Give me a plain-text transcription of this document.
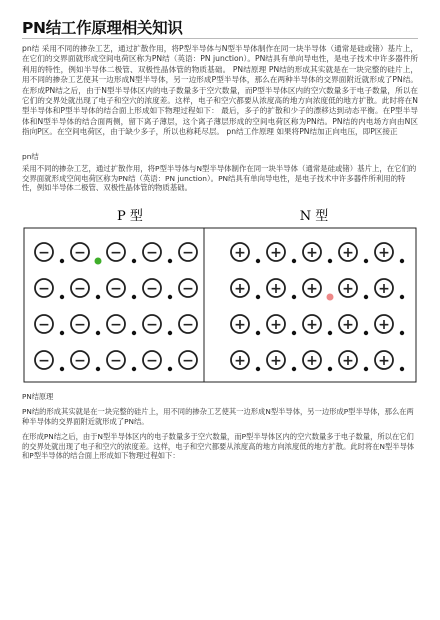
PN结工作原理相关知识
pn结 采用不同的掺杂工艺，通过扩散作用，将P型半导体与N型半导体制作在同一块半导体（通常是硅或锗）基片上，在它们的交界面就形成空间电荷区称为PN结（英语：PN junction）。PN结具有单向导电性，是电子技术中许多器件所利用的特性，例如半导体二极管、双极性晶体管的物质基础。 PN结原理 PN结的形成其实就是在一块完整的硅片上，用不同的掺杂工艺使其一边形成N型半导体，另一边形成P型半导体，那么在两种半导体的交界面附近就形成了PN结。 在形成PN结之后，由于N型半导体区内的电子数量多于空穴数量，而P型半导体区内的空穴数量多于电子数量，所以在它们的交界处就出现了电子和空穴的浓度差。这样，电子和空穴都要从浓度高的地方向浓度低的地方扩散。此时将在N型半导体和P型半导体的结合面上形成如下物理过程如下： 最后，多子的扩散和少子的漂移达到动态平衡。在P型半导体和N型半导体的结合面两侧，留下离子薄层，这个离子薄层形成的空间电荷区称为PN结。PN结的内电场方向由N区指向P区。在空间电荷区，由于缺少多子，所以也称耗尽层。 pn结工作原理 如果将PN结加正向电压，即P区接正
pn结
采用不同的掺杂工艺，通过扩散作用，将P型半导体与N型半导体制作在同一块半导体（通常是硅或锗）基片上，在它们的交界面就形成空间电荷区称为PN结（英语：PN junction）。PN结具有单向导电性，是电子技术中许多器件所利用的特性，例如半导体二极管、双极性晶体管的物质基础。
P 型	N 型
− − − − −	+ + + + +
− − − − −	+ + + + +
− − − − −	+ + + + +
− − − − −	+ + + + +
PN结原理
PN结的形成其实就是在一块完整的硅片上，用不同的掺杂工艺使其一边形成N型半导体，另一边形成P型半导体，那么在两种半导体的交界面附近就形成了PN结。
在形成PN结之后，由于N型半导体区内的电子数量多于空穴数量，而P型半导体区内的空穴数量多于电子数量，所以在它们的交界处就出现了电子和空穴的浓度差。这样，电子和空穴都要从浓度高的地方向浓度低的地方扩散。此时将在N型半导体和P型半导体的结合面上形成如下物理过程如下：
